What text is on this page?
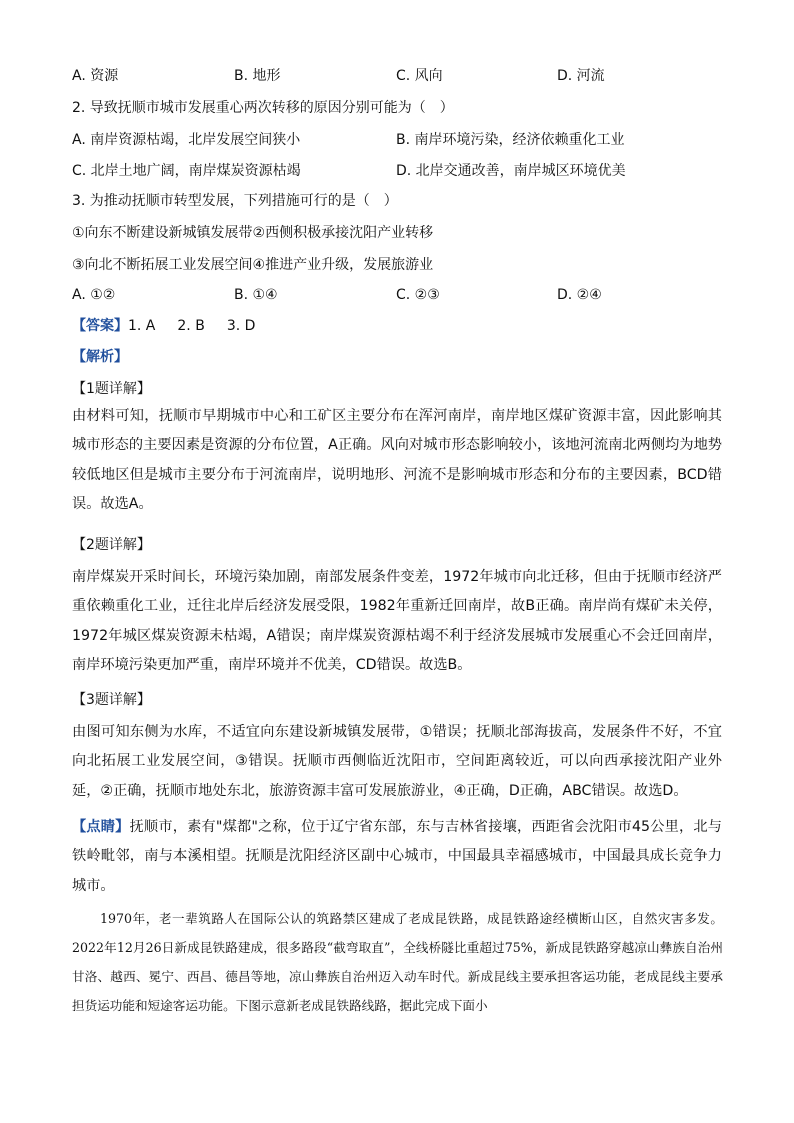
A. 资源	B. 地形	C. 风向	D. 河流
2. 导致抚顺市城市发展重心两次转移的原因分别可能为（　）
A. 南岸资源枯竭，北岸发展空间狭小	B. 南岸环境污染，经济依赖重化工业
C. 北岸土地广阔，南岸煤炭资源枯竭	D. 北岸交通改善，南岸城区环境优美
3. 为推动抚顺市转型发展，下列措施可行的是（　）
①向东不断建设新城镇发展带②西侧积极承接沈阳产业转移
③向北不断拓展工业发展空间④推进产业升级，发展旅游业
A. ①②	B. ①④	C. ②③	D. ②④
【答案】1. A 2. B 3. D
【解析】
【1题详解】
由材料可知，抚顺市早期城市中心和工矿区主要分布在浑河南岸，南岸地区煤矿资源丰富，因此影响其城市形态的主要因素是资源的分布位置，A正确。风向对城市形态影响较小，该地河流南北两侧均为地势较低地区但是城市主要分布于河流南岸，说明地形、河流不是影响城市形态和分布的主要因素，BCD错误。故选A。
【2题详解】
南岸煤炭开采时间长，环境污染加剧，南部发展条件变差，1972年城市向北迁移，但由于抚顺市经济严重依赖重化工业，迁往北岸后经济发展受限，1982年重新迁回南岸，故B正确。南岸尚有煤矿未关停，1972年城区煤炭资源未枯竭，A错误；南岸煤炭资源枯竭不利于经济发展城市发展重心不会迁回南岸，南岸环境污染更加严重，南岸环境并不优美，CD错误。故选B。
【3题详解】
由图可知东侧为水库，不适宜向东建设新城镇发展带，①错误；抚顺北部海拔高，发展条件不好，不宜向北拓展工业发展空间，③错误。抚顺市西侧临近沈阳市，空间距离较近，可以向西承接沈阳产业外延，②正确，抚顺市地处东北，旅游资源丰富可发展旅游业，④正确，D正确，ABC错误。故选D。
【点睛】抚顺市，素有"煤都"之称，位于辽宁省东部，东与吉林省接壤，西距省会沈阳市45公里，北与铁岭毗邻，南与本溪相望。抚顺是沈阳经济区副中心城市，中国最具幸福感城市，中国最具成长竞争力城市。
1970年，老一辈筑路人在国际公认的筑路禁区建成了老成昆铁路，成昆铁路途经横断山区，自然灾害多发。2022年12月26日新成昆铁路建成，很多路段“截弯取直”，全线桥隧比重超过75%，新成昆铁路穿越凉山彝族自治州甘洛、越西、冕宁、西昌、德昌等地，凉山彝族自治州迈入动车时代。新成昆线主要承担客运功能，老成昆线主要承担货运功能和短途客运功能。下图示意新老成昆铁路线路，据此完成下面小
